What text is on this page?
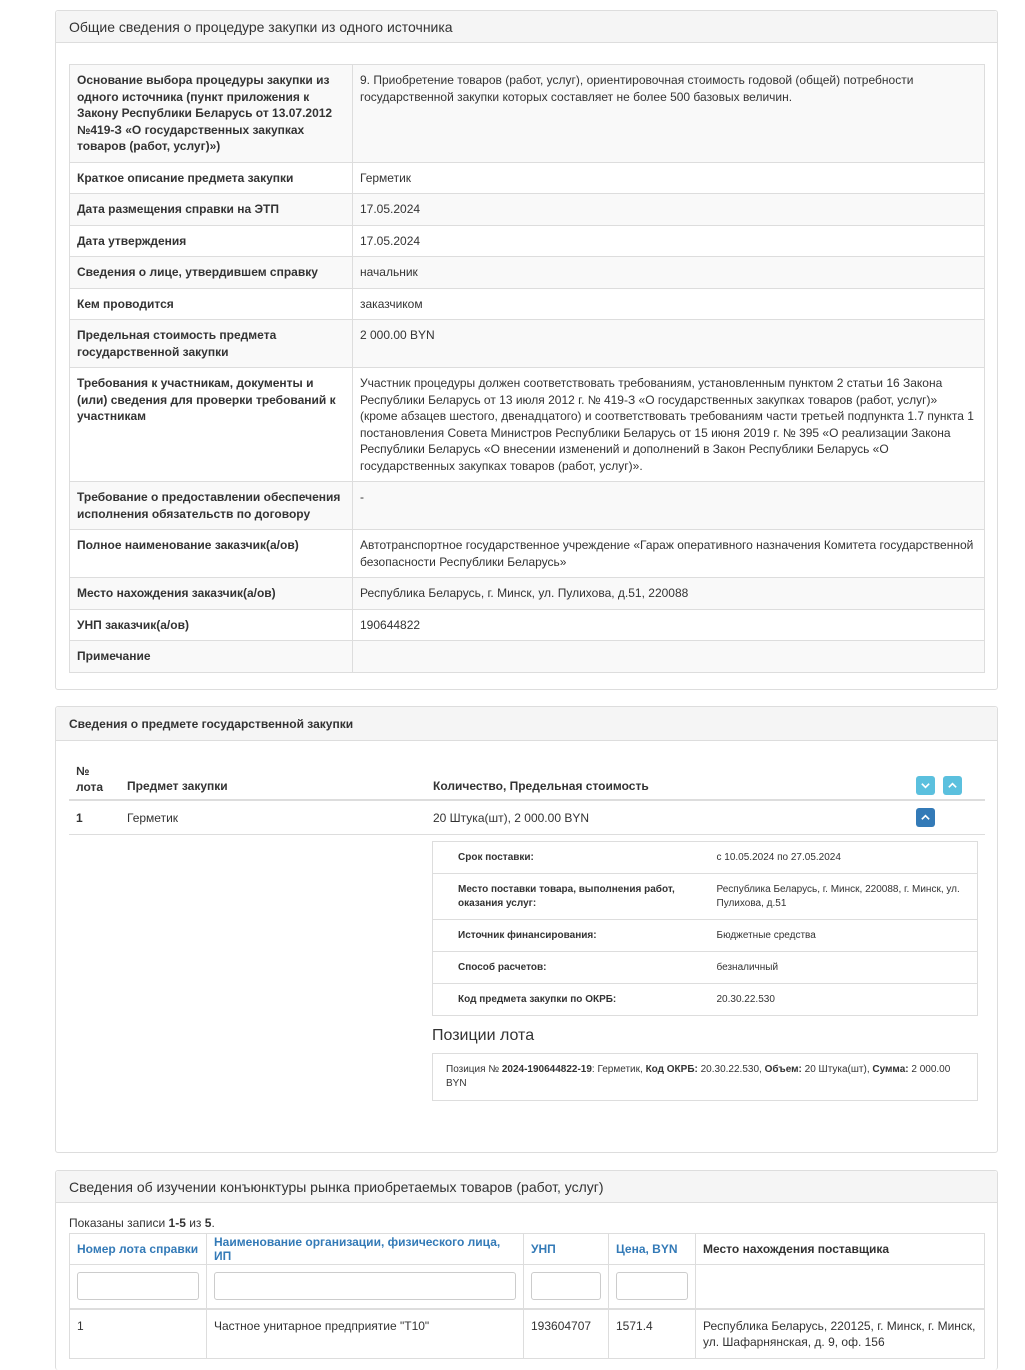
Общие сведения о процедуре закупки из одного источника
Основание выбора процедуры закупки из одного источника (пункт приложения к Закону Республики Беларусь от 13.07.2012 №419-З «О государственных закупках товаров (работ, услуг)»)	9. Приобретение товаров (работ, услуг), ориентировочная стоимость годовой (общей) потребности государственной закупки которых составляет не более 500 базовых величин.
Краткое описание предмета закупки	Герметик
Дата размещения справки на ЭТП	17.05.2024
Дата утверждения	17.05.2024
Сведения о лице, утвердившем справку	начальник
Кем проводится	заказчиком
Предельная стоимость предмета государственной закупки	2 000.00 BYN
Требования к участникам, документы и (или) сведения для проверки требований к участникам	Участник процедуры должен соответствовать требованиям, установленным пунктом 2 статьи 16 Закона Республики Беларусь от 13 июля 2012 г. № 419-З «О государственных закупках товаров (работ, услуг)» (кроме абзацев шестого, двенадцатого) и соответствовать требованиям части третьей подпункта 1.7 пункта 1 постановления Совета Министров Республики Беларусь от 15 июня 2019 г. № 395 «О реализации Закона Республики Беларусь «О внесении изменений и дополнений в Закон Республики Беларусь «О государственных закупках товаров (работ, услуг)».
Требование о предоставлении обеспечения исполнения обязательств по договору	-
Полное наименование заказчик(а/ов)	Автотранспортное государственное учреждение «Гараж оперативного назначения Комитета государственной безопасности Республики Беларусь»
Место нахождения заказчик(а/ов)	Республика Беларусь, г. Минск, ул. Пулихова, д.51, 220088
УНП заказчик(а/ов)	190644822
Примечание	
Сведения о предмете государственной закупки
№ лота	Предмет закупки	Количество, Предельная стоимость
1	Герметик	20 Штука(шт), 2 000.00 BYN
Срок поставки:	с 10.05.2024 по 27.05.2024
Место поставки товара, выполнения работ, оказания услуг:	Республика Беларусь, г. Минск, 220088, г. Минск, ул. Пулихова, д.51
Источник финансирования:	Бюджетные средства
Способ расчетов:	безналичный
Код предмета закупки по ОКРБ:	20.30.22.530
Позиции лота
Позиция № 2024-190644822-19: Герметик, Код ОКРБ: 20.30.22.530, Объем: 20 Штука(шт), Сумма: 2 000.00 BYN
Сведения об изучении конъюнктуры рынка приобретаемых товаров (работ, услуг)
Показаны записи 1-5 из 5.
Номер лота справки	Наименование организации, физического лица, ИП	УНП	Цена, BYN	Место нахождения поставщика

1	Частное унитарное предприятие "Т10"	193604707	1571.4	Республика Беларусь, 220125, г. Минск, г. Минск, ул. Шафарнянская, д. 9, оф. 156
